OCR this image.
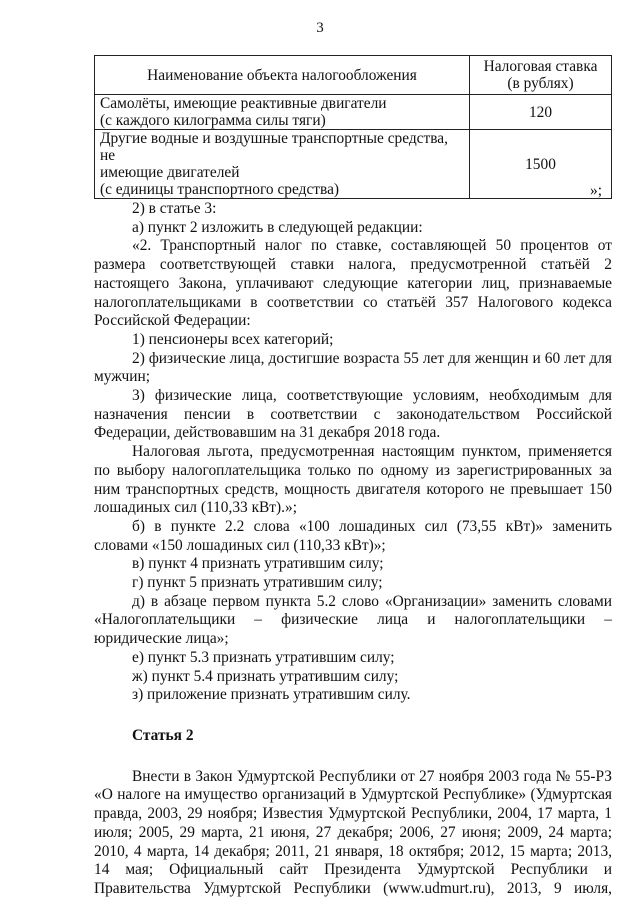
3
Наименование объекта налогообложения	Налоговая ставка
(в рублях)

Самолёты, имеющие реактивные двигатели
(с каждого килограмма силы тяги)	120

Другие водные и воздушные транспортные средства, не
имеющие двигателей
(с единицы транспортного средства)	1500
»;

2) в статье 3:

а) пункт 2 изложить в следующей редакции:

«2. Транспортный налог по ставке, составляющей 50 процентов от размера соответствующей ставки налога, предусмотренной статьёй 2 настоящего Закона, уплачивают следующие категории лиц, признаваемые налогоплательщиками в соответствии со статьёй 357 Налогового кодекса Российской Федерации:

1) пенсионеры всех категорий;

2) физические лица, достигшие возраста 55 лет для женщин и 60 лет для мужчин;

3) физические лица, соответствующие условиям, необходимым для назначения пенсии в соответствии с законодательством Российской Федерации, действовавшим на 31 декабря 2018 года.

Налоговая льгота, предусмотренная настоящим пунктом, применяется по выбору налогоплательщика только по одному из зарегистрированных за ним транспортных средств, мощность двигателя которого не превышает 150 лошадиных сил (110,33 кВт).»;

б) в пункте 2.2 слова «100 лошадиных сил (73,55 кВт)» заменить словами «150 лошадиных сил (110,33 кВт)»;

в) пункт 4 признать утратившим силу;

г) пункт 5 признать утратившим силу;

д) в абзаце первом пункта 5.2 слово «Организации» заменить словами «Налогоплательщики – физические лица и налогоплательщики – юридические лица»;

е) пункт 5.3 признать утратившим силу;

ж) пункт 5.4 признать утратившим силу;

з) приложение признать утратившим силу.

Статья 2

Внести в Закон Удмуртской Республики от 27 ноября 2003 года № 55-РЗ «О налоге на имущество организаций в Удмуртской Республике» (Удмуртская правда, 2003, 29 ноября; Известия Удмуртской Республики, 2004, 17 марта, 1 июля; 2005, 29 марта, 21 июня, 27 декабря; 2006, 27 июня; 2009, 24 марта; 2010, 4 марта, 14 декабря; 2011, 21 января, 18 октября; 2012, 15 марта; 2013, 14 мая; Официальный сайт Президента Удмуртской Республики и Правительства Удмуртской Республики (www.udmurt.ru), 2013, 9 июля,
